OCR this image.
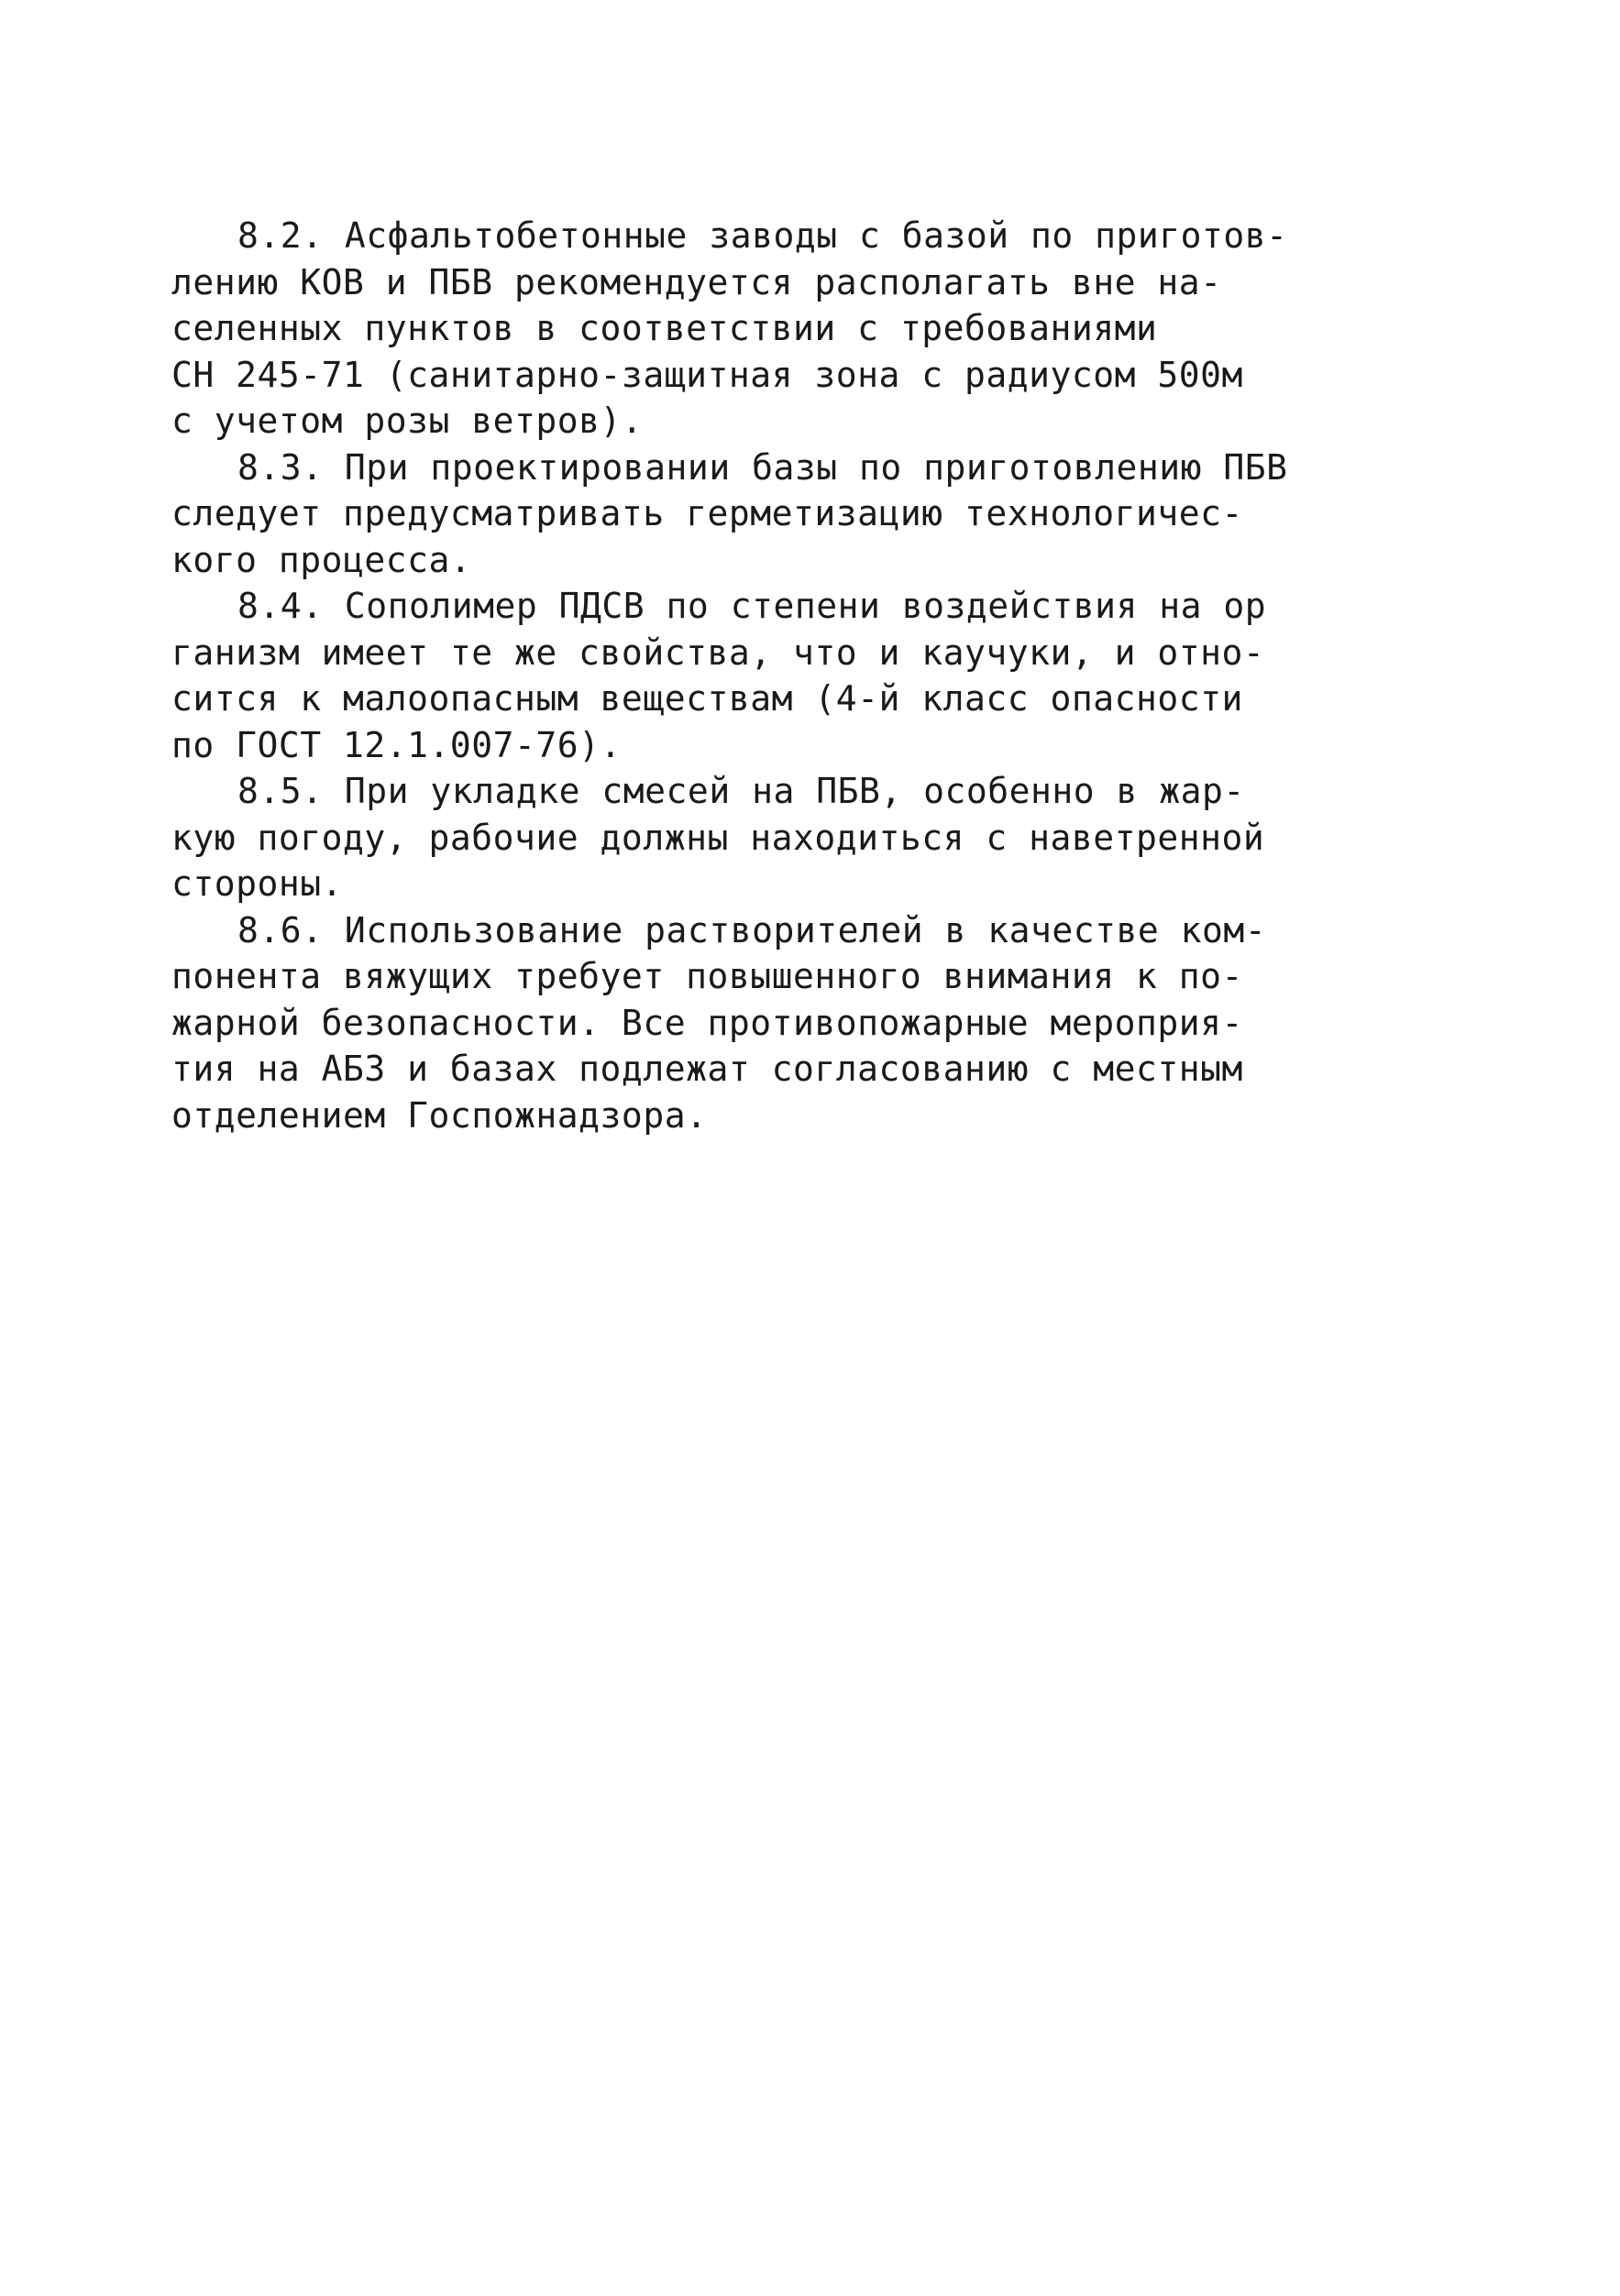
8.2. Асфальтобетонные заводы с базой по приготов-
лению КОВ и ПБВ рекомендуется располагать вне на-
селенных пунктов в соответствии с требованиями
СН 245-71 (санитарно-защитная зона с радиусом 500м
с учетом розы ветров).

8.3. При проектировании базы по приготовлению ПБВ
следует предусматривать герметизацию технологичес-
кого процесса.

8.4. Сополимер ПДСВ по степени воздействия на ор
ганизм имеет те же свойства, что и каучуки, и отно-
сится к малоопасным веществам (4-й класс опасности
по ГОСТ 12.1.007-76).

8.5. При укладке смесей на ПБВ, особенно в жар-
кую погоду, рабочие должны находиться с наветренной
стороны.

8.6. Использование растворителей в качестве ком-
понента вяжущих требует повышенного внимания к по-
жарной безопасности. Все противопожарные мероприя-
тия на АБЗ и базах подлежат согласованию с местным
отделением Госпожнадзора.
